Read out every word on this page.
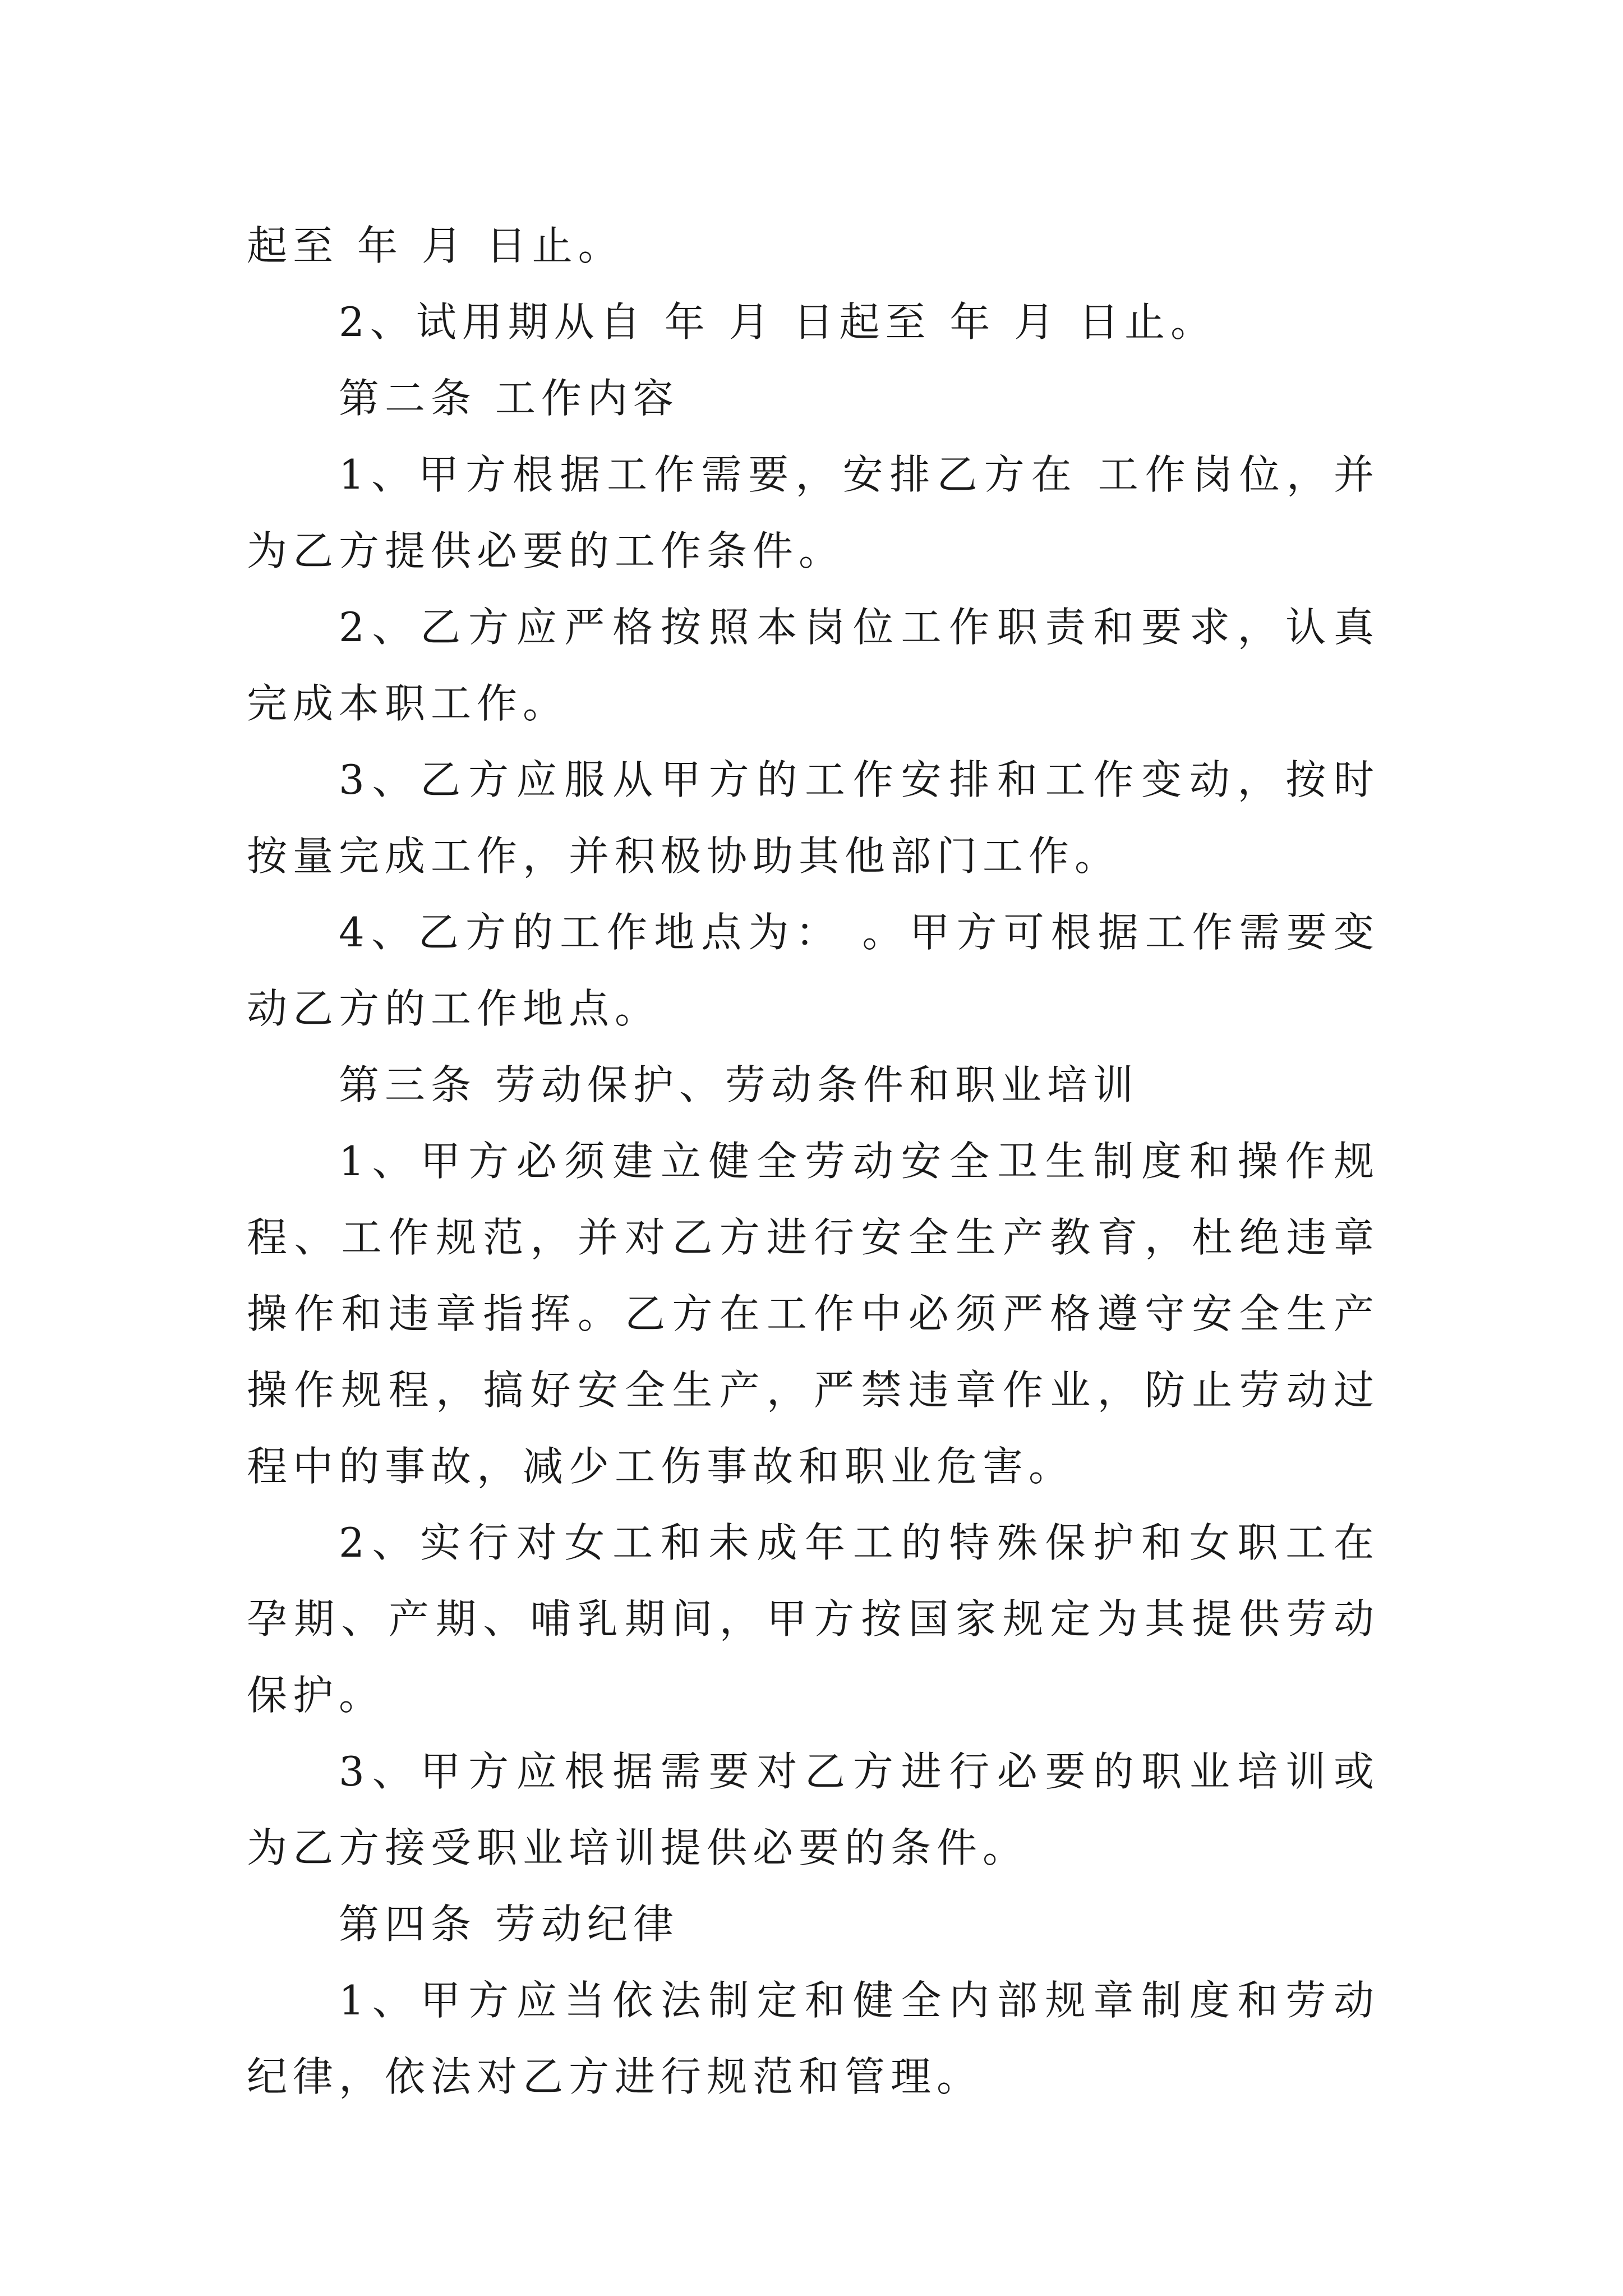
起至 年 月 日止。

2、试用期从自 年 月 日起至 年 月 日止。

第二条 工作内容

1、甲方根据工作需要，安排乙方在 工作岗位，并为乙方提供必要的工作条件。

2、乙方应严格按照本岗位工作职责和要求，认真完成本职工作。

3、乙方应服从甲方的工作安排和工作变动，按时按量完成工作，并积极协助其他部门工作。

4、乙方的工作地点为： 。甲方可根据工作需要变动乙方的工作地点。

第三条 劳动保护、劳动条件和职业培训

1、甲方必须建立健全劳动安全卫生制度和操作规程、工作规范，并对乙方进行安全生产教育，杜绝违章操作和违章指挥。乙方在工作中必须严格遵守安全生产操作规程，搞好安全生产，严禁违章作业，防止劳动过程中的事故，减少工伤事故和职业危害。

2、实行对女工和未成年工的特殊保护和女职工在孕期、产期、哺乳期间，甲方按国家规定为其提供劳动保护。

3、甲方应根据需要对乙方进行必要的职业培训或为乙方接受职业培训提供必要的条件。

第四条 劳动纪律

1、甲方应当依法制定和健全内部规章制度和劳动纪律，依法对乙方进行规范和管理。
